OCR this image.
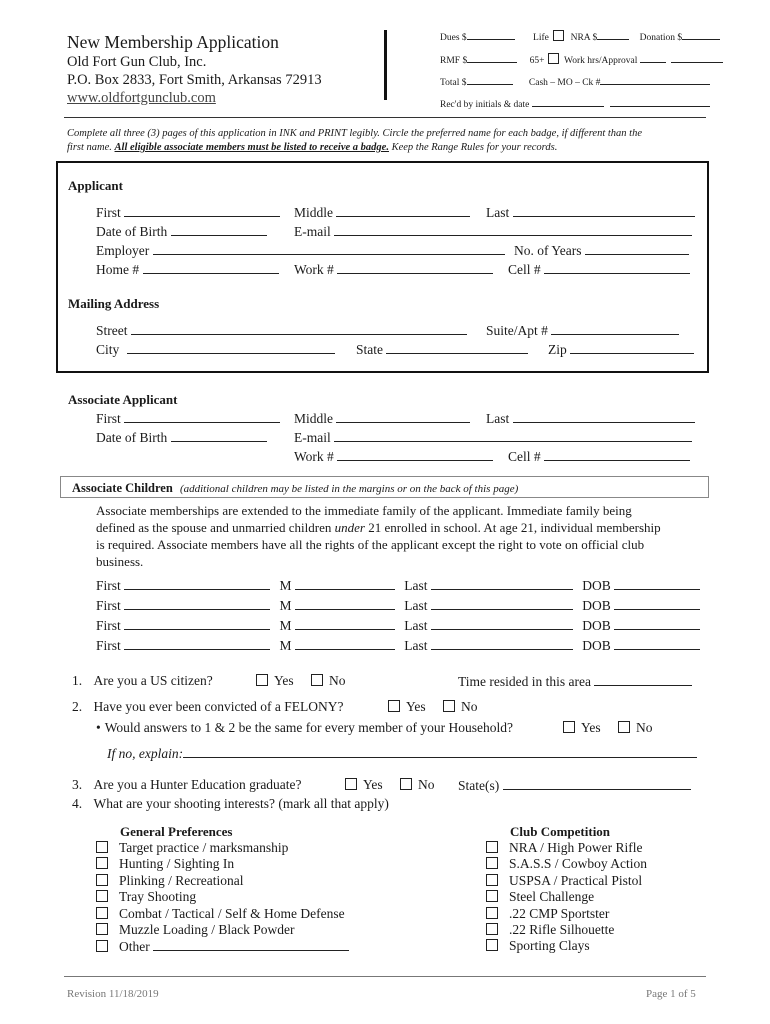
New Membership Application
Old Fort Gun Club, Inc.
P.O. Box 2833, Fort Smith, Arkansas 72913
www.oldfortgunclub.com
Dues $	Life NRA $	Donation $
RMF $	65+ Work hrs/Approval
Total $	Cash – MO – Ck #
Rec'd by initials & date
Complete all three (3) pages of this application in INK and PRINT legibly. Circle the preferred name for each badge, if different than the
first name. All eligible associate members must be listed to receive a badge. Keep the Range Rules for your records.
Applicant
First	Middle	Last
Date of Birth	E-mail
Employer	No. of Years
Home #	Work #	Cell #
Mailing Address
Street	Suite/Apt #
City	State	Zip
Associate Applicant
First	Middle	Last
Date of Birth	E-mail
Work #	Cell #
Associate Children (additional children may be listed in the margins or on the back of this page)
Associate memberships are extended to the immediate family of the applicant. Immediate family being
defined as the spouse and unmarried children under 21 enrolled in school. At age 21, individual membership
is required. Associate members have all the rights of the applicant except the right to vote on official club
business.
First	M	Last	DOB
First	M	Last	DOB
First	M	Last	DOB
First	M	Last	DOB
1. Are you a US citizen?	Yes	No	Time resided in this area
2. Have you ever been convicted of a FELONY?	Yes	No
• Would answers to 1 & 2 be the same for every member of your Household?	Yes	No
If no, explain:
3. Are you a Hunter Education graduate?	Yes	No State(s)
4. What are your shooting interests? (mark all that apply)
General Preferences
Target practice / marksmanship
Hunting / Sighting In
Plinking / Recreational
Tray Shooting
Combat / Tactical / Self & Home Defense
Muzzle Loading / Black Powder
Other
Club Competition
NRA / High Power Rifle
S.A.S.S / Cowboy Action
USPSA / Practical Pistol
Steel Challenge
.22 CMP Sportster
.22 Rifle Silhouette
Sporting Clays
Revision 11/18/2019	Page 1 of 5
